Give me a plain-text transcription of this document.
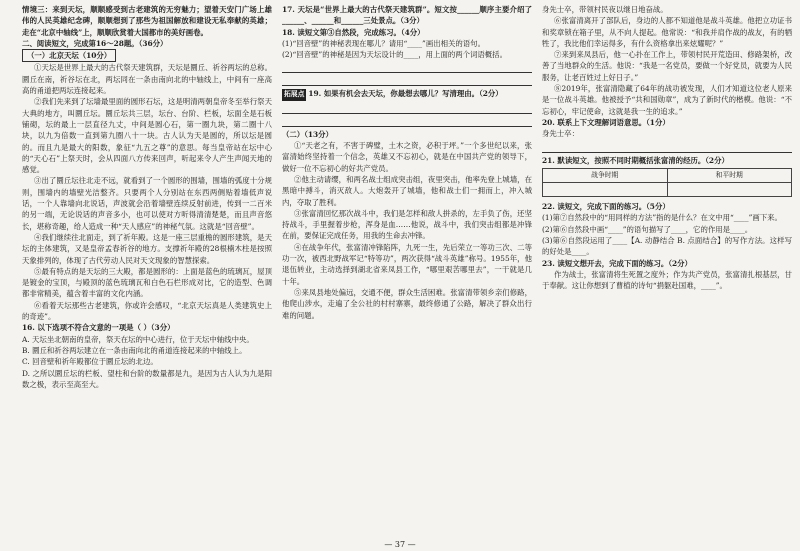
情境三：来到天坛，顺顺感受到古老建筑的无穷魅力；望着天安门广场上雄伟的人民英雄纪念碑，顺顺想到了那些为祖国解放和建设无私奉献的英雄；走在“北京中轴线”上，顺顺欣赏着大国都市的美好画卷。

二、阅读短文，完成第16～28题。（36分）

（一）北京天坛（10分）

①天坛是世界上最大的古代祭天建筑群，天坛是圜丘、祈谷两坛的总称。圜丘在南，祈谷坛在北，两坛同在一条由南向北的中轴线上，中间有一座高高的甬道把两坛连接起来。

②我们先来到了坛墙最里面的圆形石坛，这是明清两朝皇帝冬至举行祭天大典的地方，叫圜丘坛。圜丘坛共三层，坛台、台阶、栏板，坛面全是石板铺砌，坛的最上一层直径九丈，中间是圆心石，第一圈九块，第二圈十八块，以九为倍数一直到第九圈八十一块。古人认为天是圆的，所以坛是圆的。而且九是最大的阳数，象征“九五之尊”的意思。每当皇帝站在坛中心的“天心石”上祭天时，会从四面八方传来回声，听起来令人产生声闻天地的感觉。

③出了圜丘坛往北走不远，就看到了一个圆形的围墙，围墙的弧度十分规则，围墙内的墙壁光洁整齐。只要两个人分别站在东西两侧贴着墙低声说话，一个人靠墙向北说话，声波就会沿着墙壁连续反射前进，传到一二百米的另一端，无论说话的声音多小，也可以使对方听得清清楚楚，而且声音悠长，堪称奇趣，给人造成一种“天人感应”的神秘气氛。这就是“回音壁”。

④我们继续往北面走，到了祈年殿。这是一座三层重檐的圆形建筑，是天坛的主体建筑，又是皇帝孟春祈谷的地方。支撑祈年殿的28根楠木柱是按照天象排列的，体现了古代劳动人民对天文现象的智慧探索。

⑤最有特点的是天坛的三大殿，都是圆形的：上面是蓝色的琉璃瓦，屋顶是镀金的宝顶，与殿顶的蓝色琉璃瓦和白色石栏形成对比，它的造型、色调都非常精美，蕴含着丰富的文化内涵。

⑥看着天坛那些古老建筑，你或许会感叹，“北京天坛真是人类建筑史上的奇迹”。

16. 以下选项不符合文意的一项是（ ）（3分）

A. 天坛坐北朝南的皇帝，祭天在坛的中心进行，位于天坛中轴线中央。

B. 圜丘和祈谷两坛建立在一条由南向北的甬道连接起来的中轴线上。

C. 回音壁和祈年殿都位于圜丘坛的北边。

D. 之所以圜丘坛的栏板、望柱和台阶的数量都是九，是因为古人认为九是阳数之极，表示至高至大。

17. 天坛是“世界上最大的古代祭天建筑群”。短文按______顺序主要介绍了______、______和______三处景点。（3分）

18. 读短文第③自然段，完成练习。（4分）

(1)“回音壁”的神秘表现在哪儿？请用“____”画出相关的语句。

(2)“回音壁”的神秘是因为天坛设计的____，用上面的两个词语概括。

拓展点 19. 如果有机会去天坛，你最想去哪儿？写清理由。（2分）

（二）（13分）

①“天老之有，不害于碑璧，土木之资，必积于坪。”一个多世纪以来，张富清始终坚持着一个信念，英雄又不忘初心，就是在中国共产党的领导下，做好一位不忘初心的好共产党员。

②他主动请缨，和两名战士组成突击组，夜里突击，他率先登上城墙，在黑暗中搏斗，消灭敌人。大炮轰开了城墙，他和战士们一拥而上，冲入城内，夺取了胜利。

③张富清回忆那次战斗中，我们是怎样和敌人拼杀的，左手负了伤，还坚持战斗，手里握着步枪，浑身是血……他说，战斗中，我们突击组都是冲锋在前，要保证完成任务，用我的生命去冲锋。

④在战争年代，张富清冲锋陷阵，九死一生，先后荣立一等功三次、二等功一次，被西北野战军记“特等功”，两次获得“战斗英雄”称号。1955年，他退伍转业，主动选择到湖北省来凤县工作，“哪里艰苦哪里去”，一干就是几十年。

⑤来凤县地处偏远，交通不便，群众生活困难。张富清带领乡亲们修路，他爬山涉水，走遍了全公社的村村寨寨，最终修通了公路，解决了群众出行难的问题。

身先士卒，带领村民夜以继日地奋战。

⑥张富清离开了部队后，身边的人都不知道他是战斗英雄。他把立功证书和奖章锁在箱子里，从不向人提起。他常说：“和我并肩作战的战友，有的牺牲了，我比他们幸运得多，有什么资格拿出来炫耀呢？”

⑦来到来凤县后，他一心扑在工作上，带领村民开荒造田、修路架桥，改善了当地群众的生活。他说：“我是一名党员，要做一个好党员，就要为人民服务，让老百姓过上好日子。”

⑧2019年，张富清隐藏了64年的战功被发现，人们才知道这位老人原来是一位战斗英雄。他被授予“共和国勋章”，成为了新时代的楷模。他说：“不忘初心，牢记使命，这就是我一生的追求。”

20. 联系上下文理解词语意思。（1分）

身先士卒：

21. 默读短文，按照不同时期概括张富清的经历。（2分）

战争时期	和平时期

22. 读短文，完成下面的练习。（5分）

(1)第⑦自然段中的“用同样的方法”指的是什么？在文中用“____”画下来。

(2)第⑥自然段中画“____”的语句描写了____，它的作用是____。

(3)第⑥自然段运用了____【A. 动静结合 B. 点面结合】的写作方法。这样写的好处是____。

23. 读短文想开去，完成下面的练习。（2分）

作为战士，张富清将生死置之度外；作为共产党员，张富清扎根基层，甘于奉献。这让你想到了曹植的诗句“捐躯赴国难，____”。

— 37 —
